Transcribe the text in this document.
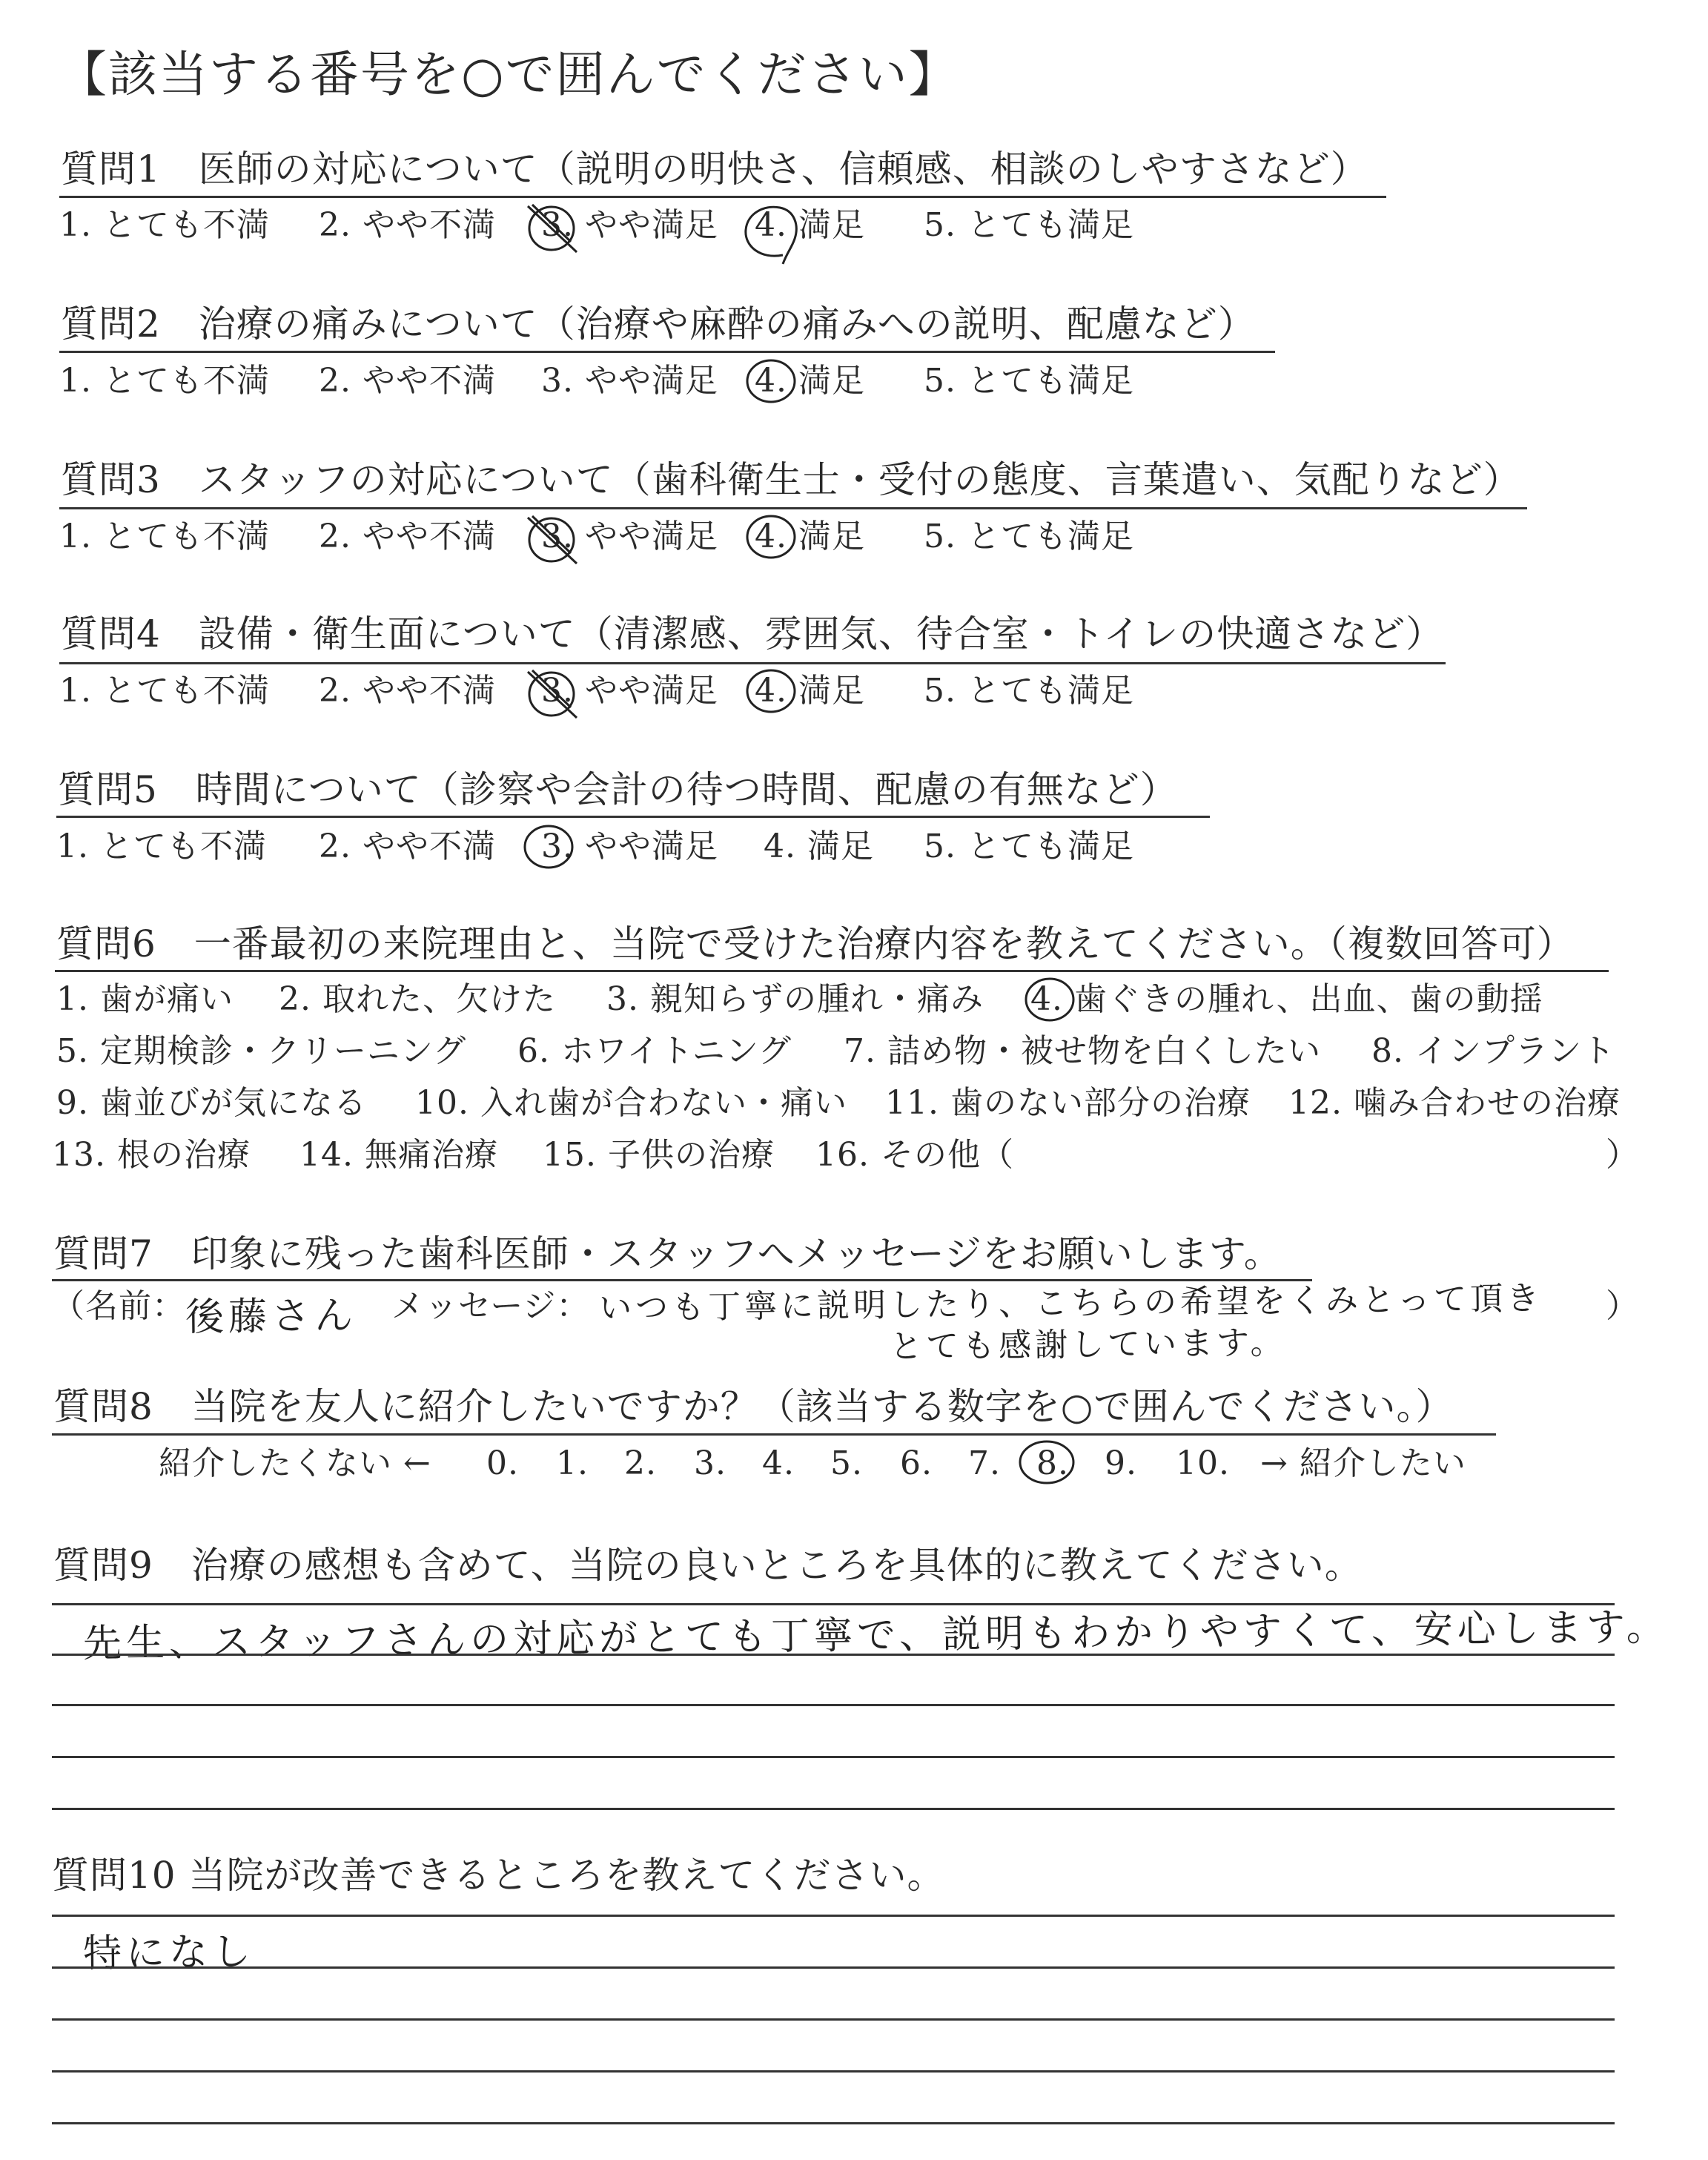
【該当する番号を○で囲んでください】
質問1　医師の対応について（説明の明快さ、信頼感、相談のしやすさなど）
1. とても不満 2. やや不満 3. やや満足 4. 満足 5. とても満足
質問2　治療の痛みについて（治療や麻酔の痛みへの説明、配慮など）
1. とても不満 2. やや不満 3. やや満足 4. 満足 5. とても満足
質問3　スタッフの対応について（歯科衛生士・受付の態度、言葉遣い、気配りなど）
1. とても不満 2. やや不満 3. やや満足 4. 満足 5. とても満足
質問4　設備・衛生面について（清潔感、雰囲気、待合室・トイレの快適さなど）
1. とても不満 2. やや不満 3. やや満足 4. 満足 5. とても満足
質問5　時間について（診察や会計の待つ時間、配慮の有無など）
1. とても不満 2. やや不満 3. やや満足 4. 満足 5. とても満足
質問6　一番最初の来院理由と、当院で受けた治療内容を教えてください。（複数回答可）
1. 歯が痛い 2. 取れた、欠けた 3. 親知らずの腫れ・痛み 4. 歯ぐきの腫れ、出血、歯の動揺
5. 定期検診・クリーニング 6. ホワイトニング 7. 詰め物・被せ物を白くしたい 8. インプラント
9. 歯並びが気になる 10. 入れ歯が合わない・痛い 11. 歯のない部分の治療 12. 噛み合わせの治療
13. 根の治療 14. 無痛治療 15. 子供の治療 16. その他（	）
質問7　印象に残った歯科医師・スタッフへメッセージをお願いします。
（名前： 後藤さん メッセージ： いつも丁寧に説明したり、こちらの希望をくみとって頂き
とても感謝しています。
）
質問8　当院を友人に紹介したいですか？（該当する数字を○で囲んでください。）
紹介したくない ← 0. 1. 2. 3. 4. 5. 6. 7. 8. 9. 10. → 紹介したい
質問9　治療の感想も含めて、当院の良いところを具体的に教えてください。
先生、スタッフさんの対応がとても丁寧で、説明もわかりやすくて、安心します。
質問10 当院が改善できるところを教えてください。
特になし
